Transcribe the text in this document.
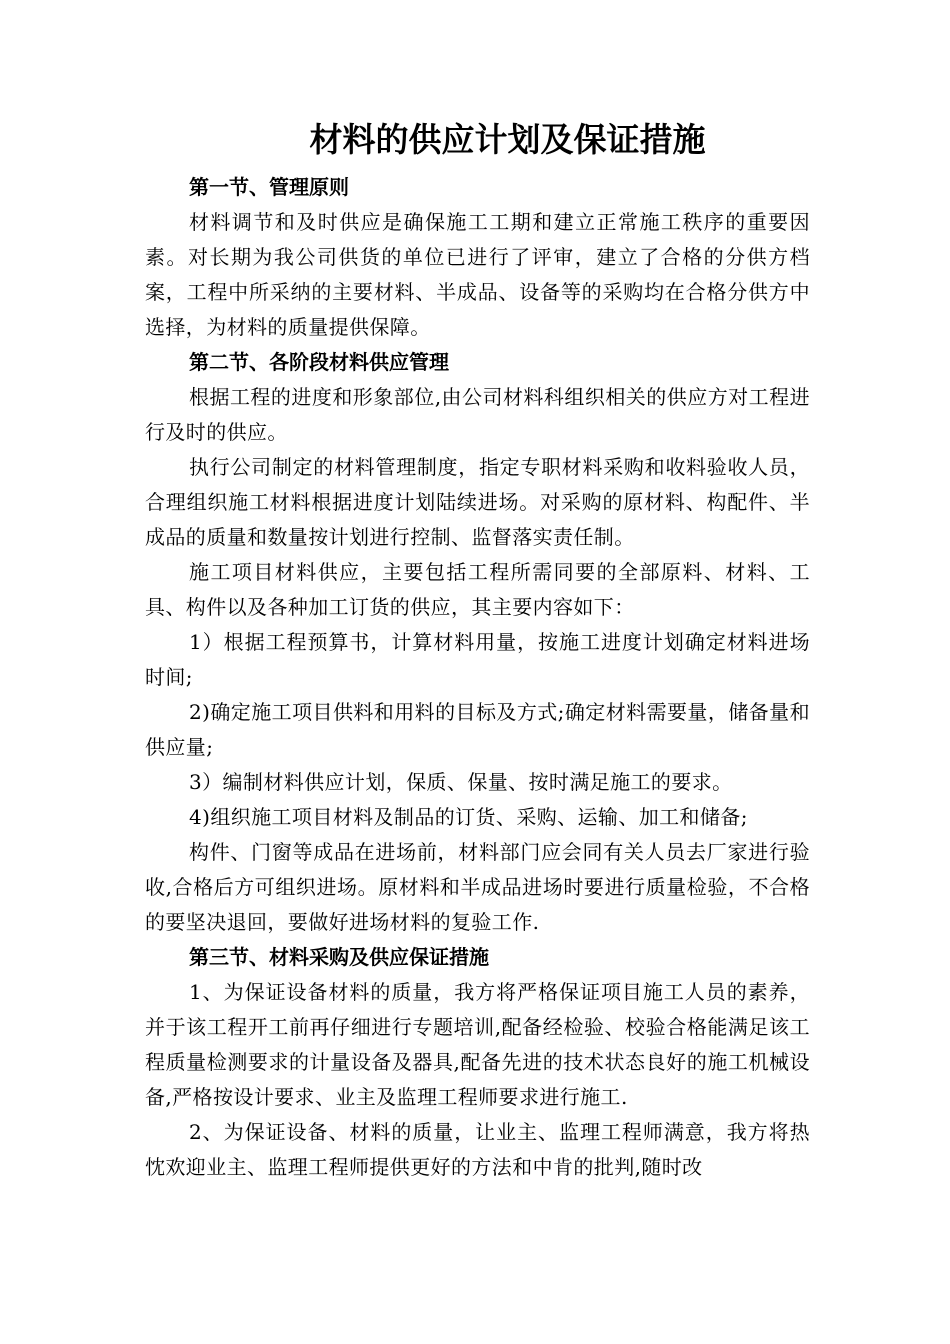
材料的供应计划及保证措施

第一节、管理原则

材料调节和及时供应是确保施工工期和建立正常施工秩序的重要因素。对长期为我公司供货的单位已进行了评审，建立了合格的分供方档案，工程中所采纳的主要材料、半成品、设备等的采购均在合格分供方中选择，为材料的质量提供保障。

第二节、各阶段材料供应管理

根据工程的进度和形象部位,由公司材料科组织相关的供应方对工程进行及时的供应。

执行公司制定的材料管理制度，指定专职材料采购和收料验收人员，合理组织施工材料根据进度计划陆续进场。对采购的原材料、构配件、半成品的质量和数量按计划进行控制、监督落实责任制。

施工项目材料供应，主要包括工程所需同要的全部原料、材料、工具、构件以及各种加工订货的供应，其主要内容如下：

1）根据工程预算书，计算材料用量，按施工进度计划确定材料进场时间;

2)确定施工项目供料和用料的目标及方式;确定材料需要量，储备量和供应量;

3）编制材料供应计划，保质、保量、按时满足施工的要求。

4)组织施工项目材料及制品的订货、采购、运输、加工和储备;

构件、门窗等成品在进场前，材料部门应会同有关人员去厂家进行验收,合格后方可组织进场。原材料和半成品进场时要进行质量检验，不合格的要坚决退回，要做好进场材料的复验工作.

第三节、材料采购及供应保证措施

1、为保证设备材料的质量，我方将严格保证项目施工人员的素养，并于该工程开工前再仔细进行专题培训,配备经检验、校验合格能满足该工程质量检测要求的计量设备及器具,配备先进的技术状态良好的施工机械设备,严格按设计要求、业主及监理工程师要求进行施工.

2、为保证设备、材料的质量，让业主、监理工程师满意，我方将热忱欢迎业主、监理工程师提供更好的方法和中肯的批判,随时改
